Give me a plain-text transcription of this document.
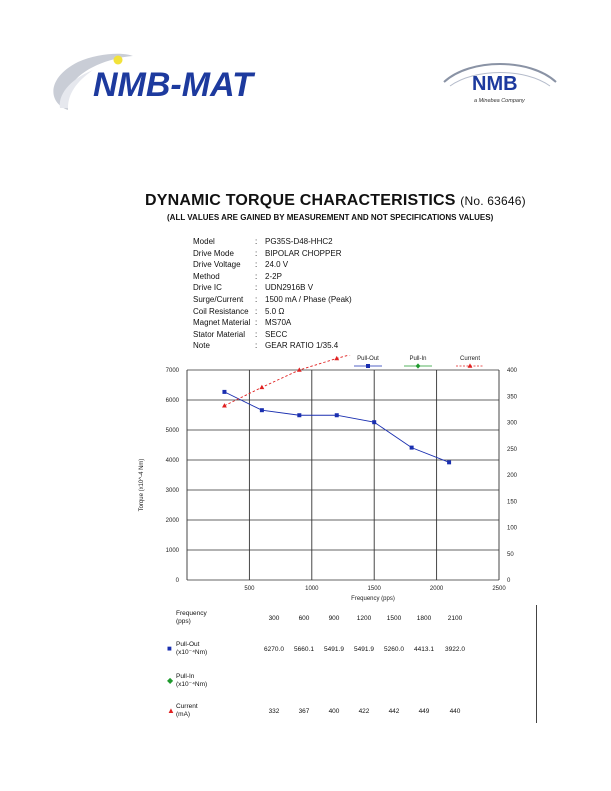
NMB-MAT	NMB
a Minebea Company
DYNAMIC TORQUE CHARACTERISTICS (No. 63646)
(ALL VALUES ARE GAINED BY MEASUREMENT AND NOT SPECIFICATIONS VALUES)
Model	: PG35S-D48-HHC2
Drive Mode	: BIPOLAR CHOPPER
Drive Voltage	: 24.0 V
Method	: 2-2P
Drive IC	: UDN2916B V
Surge/Current	: 1500 mA / Phase (Peak)
Coil Resistance : 5.0 Ω
Magnet Material : MS70A
Stator Material	: SECC
Note	: GEAR RATIO 1/35.4
0
1000
2000
3000
4000
5000
6000
7000
500	1000	1500	2000	2500
0
50
100
150
200
250
300
350
400
Frequency (pps)
Torque (x10^-4 Nm)
Pull-Out	Pull-In	Current
Frequency
(pps)	300	600	900	1200	1500	1800	2100
Pull-Out
(x10⁻⁴Nm)
■	6270.0	5660.1	5491.9	5491.9	5260.0	4413.1	3922.0
Pull-In
(x10⁻⁴Nm)
◆
Current
(mA)
▲	332	367	400	422	442	449	440
